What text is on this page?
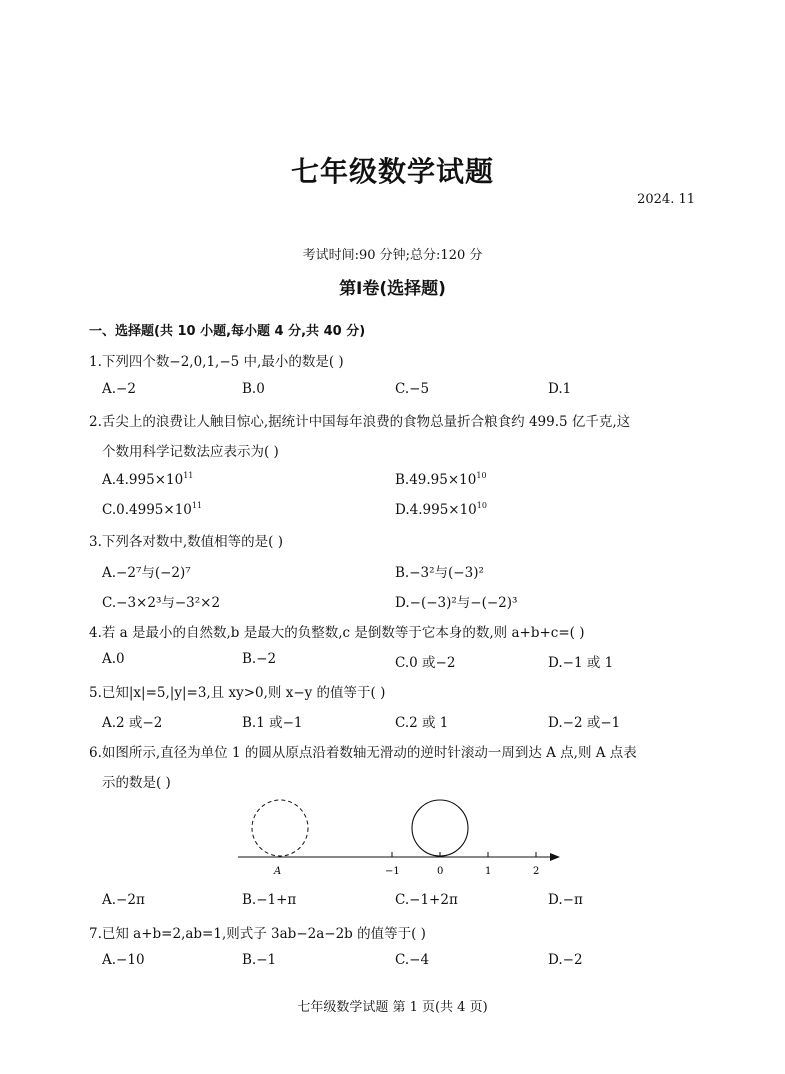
七年级数学试题
2024. 11
考试时间:90 分钟;总分:120 分
第Ⅰ卷(选择题)
一、选择题(共 10 小题,每小题 4 分,共 40 分)
1.下列四个数−2,0,1,−5 中,最小的数是( )
A.−2	B.0	C.−5	D.1
2.舌尖上的浪费让人触目惊心,据统计中国每年浪费的食物总量折合粮食约 499.5 亿千克,这
个数用科学记数法应表示为( )
$A.4.995\times 10^{11}$	$B.49.95\times 10^{10}$
$C.0.4995\times 10^{11}$	$D.4.995\times 10^{10}$
3.下列各对数中,数值相等的是( )
A.−2⁷与(−2)⁷	B.−3²与(−3)²
C.−3×2³与−3²×2	D.−(−3)²与−(−2)³
4.若 a 是最小的自然数,b 是最大的负整数,c 是倒数等于它本身的数,则 a+b+c=( )
A.0	B.−2	C.0 或−2	D.−1 或 1
5.已知|x|=5,|y|=3,且 xy>0,则 x−y 的值等于( )
A.2 或−2	B.1 或−1	C.2 或 1	D.−2 或−1
6.如图所示,直径为单位 1 的圆从原点沿着数轴无滑动的逆时针滚动一周到达 A 点,则 A 点表
示的数是( )
A	−1	0	1	2
A.−2π	B.−1+π	C.−1+2π	D.−π
7.已知 a+b=2,ab=1,则式子 3ab−2a−2b 的值等于( )
A.−10	B.−1	C.−4	D.−2
七年级数学试题 第 1 页(共 4 页)
